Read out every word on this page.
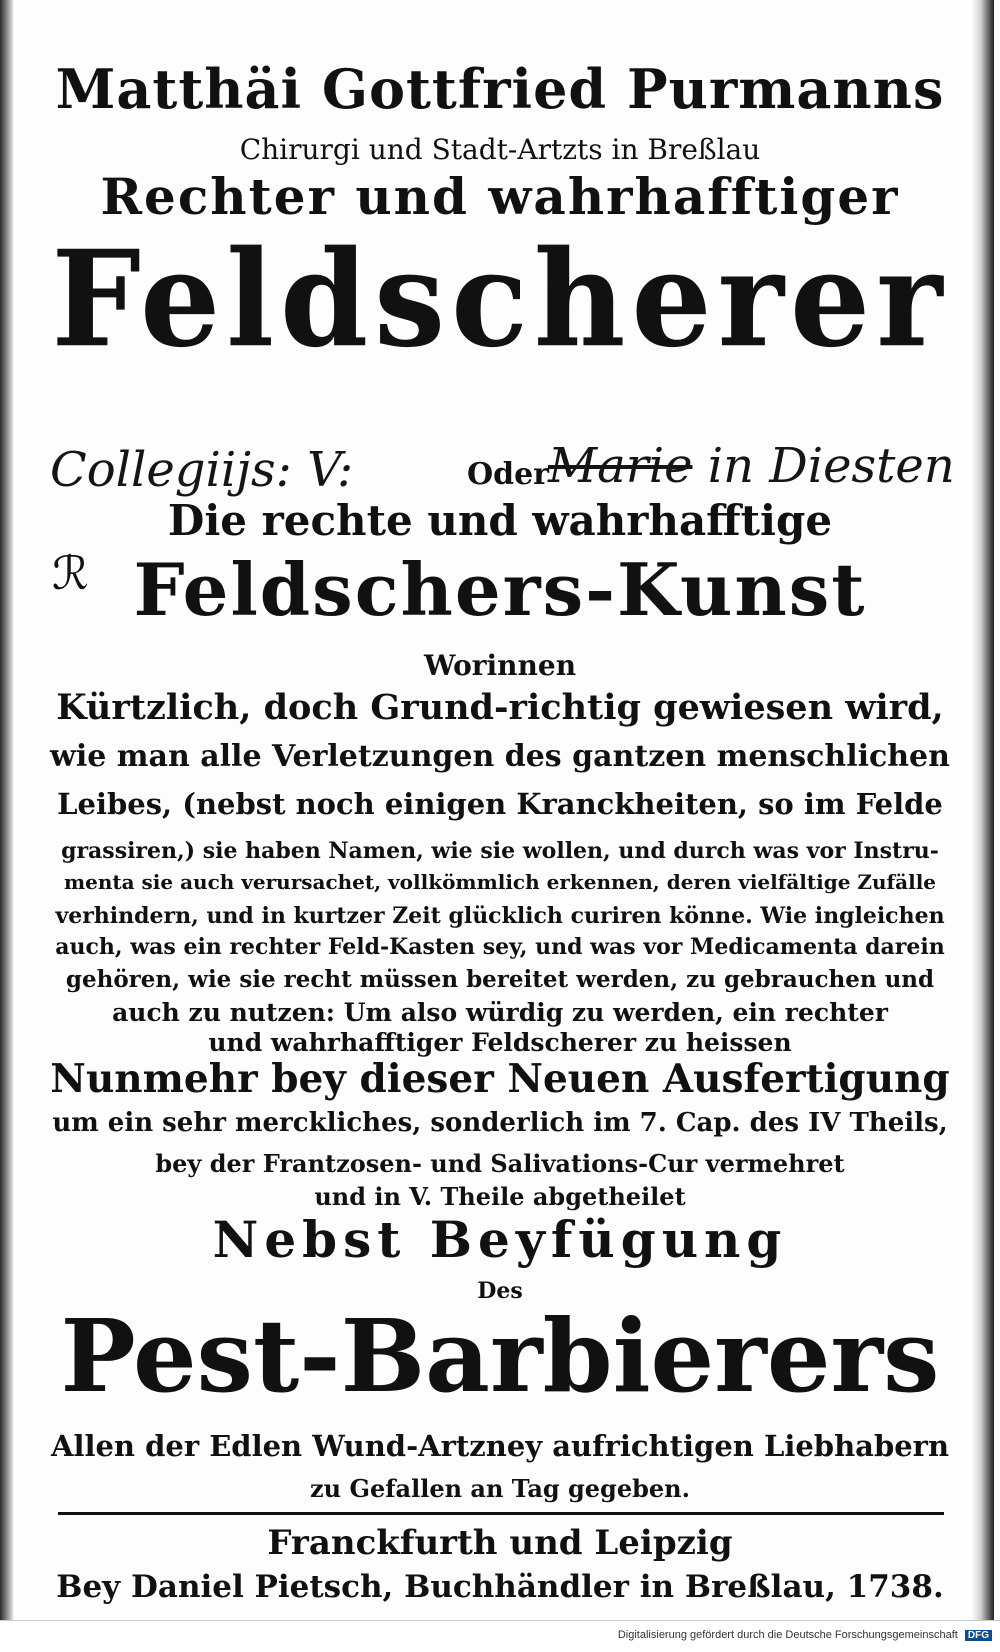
Matthäi Gottfried Purmanns
Chirurgi und Stadt-Artzts in Breßlau
Rechter und wahrhafftiger
Feldscherer
Collegiijs: V:	Marie in Diesten
Oder
Die rechte und wahrhafftige
ℛ Feldschers-Kunst
Worinnen
Kürtzlich, doch Grund-richtig gewiesen wird,
wie man alle Verletzungen des gantzen menschlichen
Leibes, (nebst noch einigen Kranckheiten, so im Felde
grassiren,) sie haben Namen, wie sie wollen, und durch was vor Instru-
menta sie auch verursachet, vollkömmlich erkennen, deren vielfältige Zufälle
verhindern, und in kurtzer Zeit glücklich curiren könne. Wie ingleichen
auch, was ein rechter Feld-Kasten sey, und was vor Medicamenta darein
gehören, wie sie recht müssen bereitet werden, zu gebrauchen und
auch zu nutzen: Um also würdig zu werden, ein rechter
und wahrhafftiger Feldscherer zu heissen
Nunmehr bey dieser Neuen Ausfertigung
um ein sehr merckliches, sonderlich im 7. Cap. des IV Theils,
bey der Frantzosen- und Salivations-Cur vermehret
und in V. Theile abgetheilet
Nebst Beyfügung
Des
Pest-Barbierers
Allen der Edlen Wund-Artzney aufrichtigen Liebhabern
zu Gefallen an Tag gegeben.
Franckfurth und Leipzig
Bey Daniel Pietsch, Buchhändler in Breßlau, 1738.
Digitalisierung gefördert durch die Deutsche Forschungsgemeinschaft DFG
